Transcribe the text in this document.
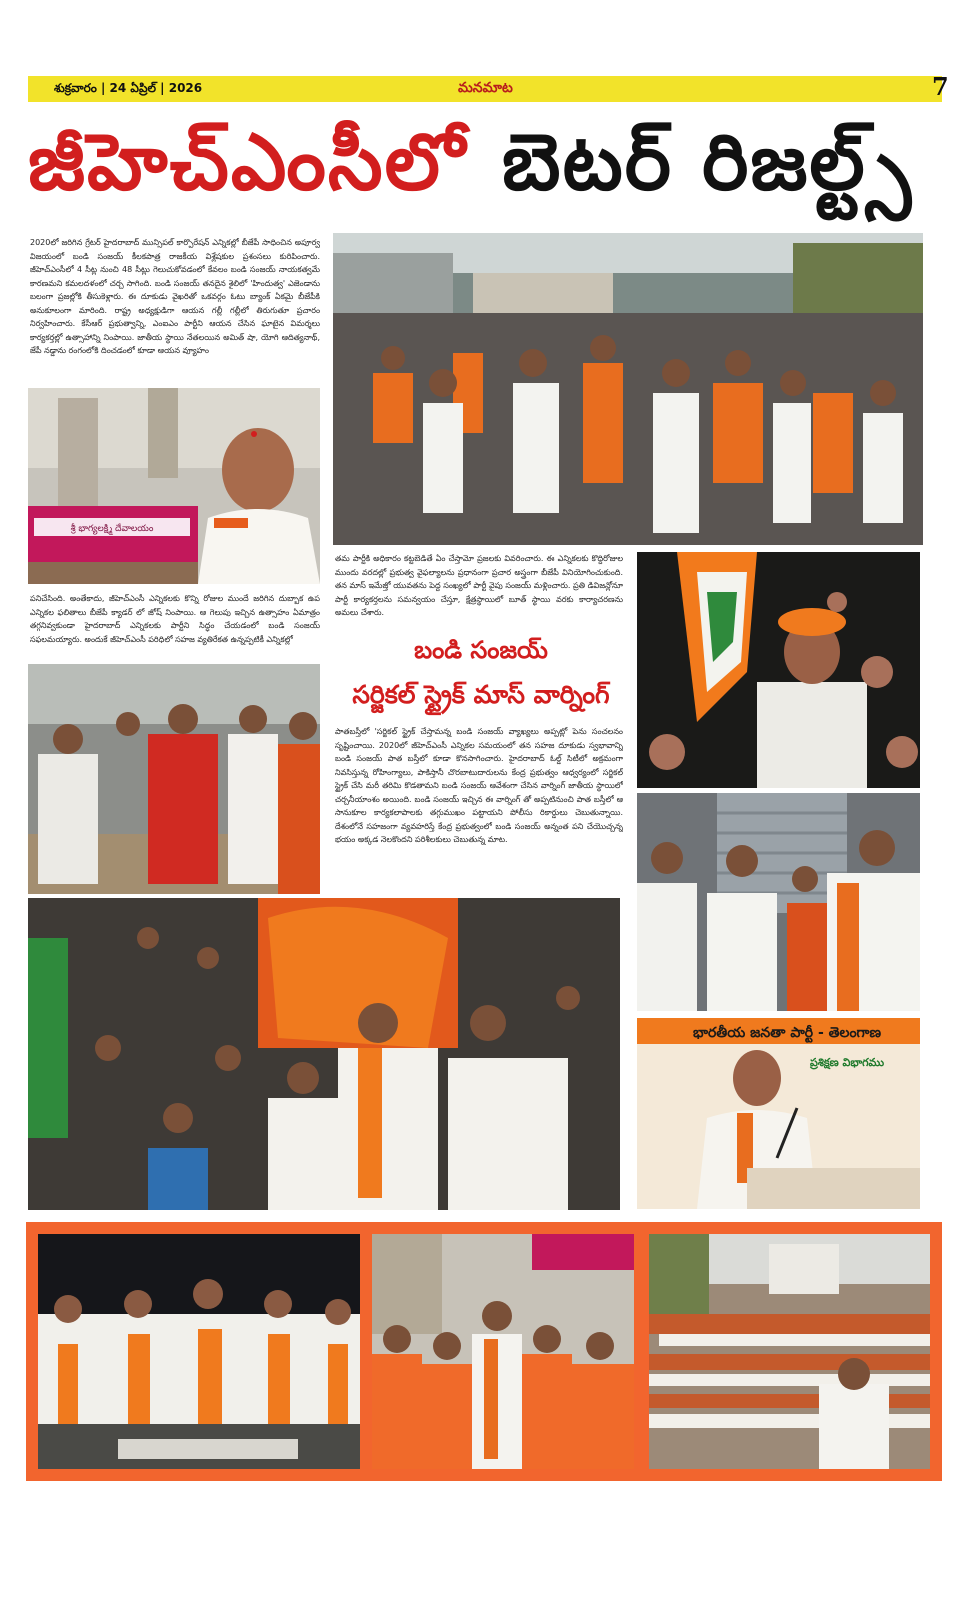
శుక్రవారం | 24 ఏప్రిల్ | 2026	మనమాట	7
జీహెచ్ఎంసీలో బెటర్ రిజల్ట్స్
2020లో జరిగిన గ్రేటర్ హైదరాబాద్ మున్సిపల్ కార్పొరేషన్ ఎన్నికల్లో బీజేపీ సాధించిన అపూర్వ విజయంలో బండి సంజయ్ కీలకపాత్ర రాజకీయ విశ్లేషకుల ప్రశంసలు కురిపించారు. జీహెచ్ఎంసీలో 4 సీట్ల నుంచి 48 సీట్లు గెలుచుకోవడంలో కేవలం బండి సంజయ్ నాయకత్వమే కారణమని కమలదళంలో చర్చ సాగింది. బండి సంజయ్ తనదైన శైలిలో 'హిందుత్వ' ఎజెండాను బలంగా ప్రజల్లోకి తీసుకెళ్లారు. ఈ దూకుడు వైఖరితో ఒకవర్గం ఓటు బ్యాంక్ ఏకమై బీజేపీకి అనుకూలంగా మారింది. రాష్ట్ర అధ్యక్షుడిగా ఆయన గల్లీ గల్లీలో తిరుగుతూ ప్రచారం నిర్వహించారు. కేసీఆర్ ప్రభుత్వాన్ని, ఎంఐఎం పార్టీని ఆయన చేసిన ఘాటైన విమర్శలు కార్యకర్తల్లో ఉత్సాహాన్ని నింపాయి. జాతీయ స్థాయి నేతలయిన అమిత్ షా, యోగి ఆదిత్యనాథ్, జేపీ నడ్డాను రంగంలోకి దించడంలో కూడా ఆయన వ్యూహం
శ్రీ భాగ్యలక్ష్మి దేవాలయం
పనిచేసింది. అంతేకాదు, జీహెచ్ఎంసీ ఎన్నికలకు కొన్ని రోజుల ముందే జరిగిన దుబ్బాక ఉప ఎన్నికల ఫలితాలు బీజేపీ క్యాడర్ లో జోష్ నింపాయి. ఆ గెలుపు ఇచ్చిన ఉత్సాహం ఏమాత్రం తగ్గనివ్వకుండా హైదరాబాద్ ఎన్నికలకు పార్టీని సిద్ధం చేయడంలో బండి సంజయ్ సఫలమయ్యారు. అందుకే జీహెచ్ఎంసీ పరిధిలో సహజ వ్యతిరేకత ఉన్నప్పటికీ ఎన్నికల్లో
తమ పార్టీకి అధికారం కట్టబెడితే ఏం చేస్తామో ప్రజలకు వివరించారు. ఈ ఎన్నికలకు కొద్దిరోజుల ముందు వరదల్లో ప్రభుత్వ వైఫల్యాలను ప్రధానంగా ప్రచార అస్త్రంగా బీజేపీ వినియోగించుకుంది. తన మాస్ ఇమేజ్తో యువతను పెద్ద సంఖ్యలో పార్టీ వైపు సంజయ్ మళ్లించారు. ప్రతి డివిజన్లోనూ పార్టీ కార్యకర్తలను సమన్వయం చేస్తూ, క్షేత్రస్థాయిలో బూత్ స్థాయి వరకు కార్యాచరణను అమలు చేశారు.
బండి సంజయ్
సర్జికల్ స్ట్రైక్ మాస్ వార్నింగ్
పాతబస్తీలో 'సర్జికల్ స్ట్రైక్ చేస్తామన్న బండి సంజయ్ వ్యాఖ్యలు అప్పట్లో పెను సంచలనం సృష్టించాయి. 2020లో జీహెచ్ఎంసీ ఎన్నికల సమయంలో తన సహజ దూకుడు స్వభావాన్ని బండి సంజయ్ పాత బస్తీలో కూడా కొనసాగించారు. హైదరాబాద్ ఓల్డ్ సిటీలో అక్రమంగా నివసిస్తున్న రోహింగ్యాలు, పాకిస్తానీ చొరబాటుదారులను కేంద్ర ప్రభుత్వం ఆధ్వర్యంలో సర్జికల్ స్ట్రైక్ చేసి మరీ తరిమి కొడతామని బండి సంజయ్ ఆవేశంగా చేసిన వార్నింగ్ జాతీయ స్థాయిలో చర్చనీయాంశం అయింది. బండి సంజయ్ ఇచ్చిన ఈ వార్నింగ్ తో అప్పటినుంచి పాత బస్తీలో ఆ సానుకూల కార్యకలాపాలకు తగ్గుముఖం పట్టాయని పోలీసు రికార్డులు చెబుతున్నాయి. దేశంలోనే సహజంగా వ్యవహరిస్తే కేంద్ర ప్రభుత్వంలో బండి సంజయ్ అన్నంత పని చేయొచ్చన్న భయం అక్కడ నెలకొందని పరిశీలకులు చెబుతున్న మాట.
భారతీయ జనతా పార్టీ - తెలంగాణ
ప్రశిక్షణ విభాగము
